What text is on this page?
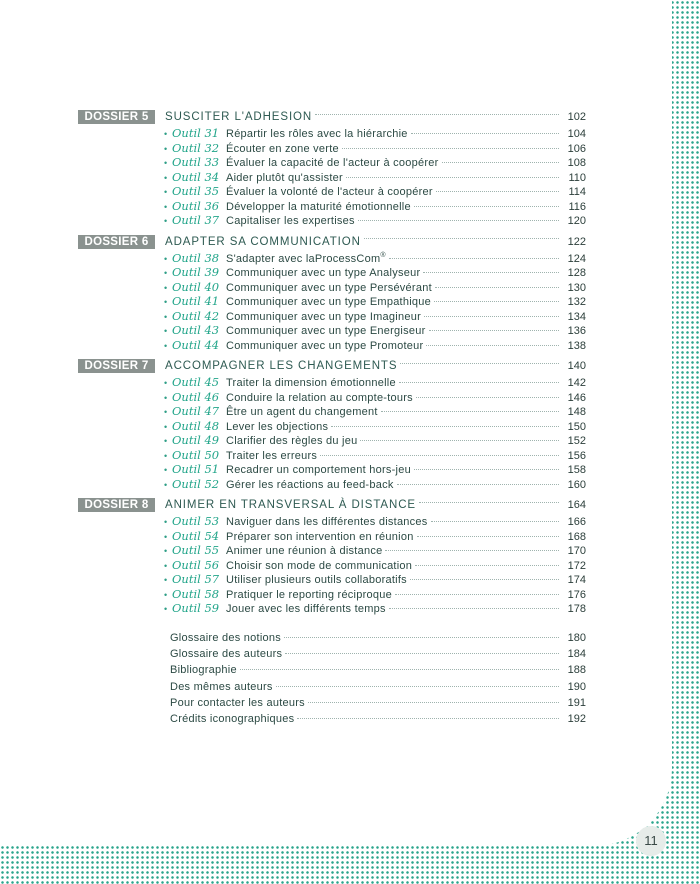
DOSSIER 5	SUSCITER L'ADHESION	102
• Outil 31 Répartir les rôles avec la hiérarchie	104
• Outil 32 Écouter en zone verte	106
• Outil 33 Évaluer la capacité de l'acteur à coopérer	108
• Outil 34 Aider plutôt qu'assister	110
• Outil 35 Évaluer la volonté de l'acteur à coopérer	114
• Outil 36 Développer la maturité émotionnelle	116
• Outil 37 Capitaliser les expertises	120
DOSSIER 6	ADAPTER SA COMMUNICATION	122
• Outil 38 S'adapter avec laProcessCom®	124
• Outil 39 Communiquer avec un type Analyseur	128
• Outil 40 Communiquer avec un type Persévérant	130
• Outil 41 Communiquer avec un type Empathique	132
• Outil 42 Communiquer avec un type Imagineur	134
• Outil 43 Communiquer avec un type Energiseur	136
• Outil 44 Communiquer avec un type Promoteur	138
DOSSIER 7	ACCOMPAGNER LES CHANGEMENTS	140
• Outil 45 Traiter la dimension émotionnelle	142
• Outil 46 Conduire la relation au compte-tours	146
• Outil 47 Être un agent du changement	148
• Outil 48 Lever les objections	150
• Outil 49 Clarifier des règles du jeu	152
• Outil 50 Traiter les erreurs	156
• Outil 51 Recadrer un comportement hors-jeu	158
• Outil 52 Gérer les réactions au feed-back	160
DOSSIER 8	ANIMER EN TRANSVERSAL À DISTANCE	164
• Outil 53 Naviguer dans les différentes distances	166
• Outil 54 Préparer son intervention en réunion	168
• Outil 55 Animer une réunion à distance	170
• Outil 56 Choisir son mode de communication	172
• Outil 57 Utiliser plusieurs outils collaboratifs	174
• Outil 58 Pratiquer le reporting réciproque	176
• Outil 59 Jouer avec les différents temps	178
Glossaire des notions	180
Glossaire des auteurs	184
Bibliographie	188
Des mêmes auteurs	190
Pour contacter les auteurs	191
Crédits iconographiques	192
11
